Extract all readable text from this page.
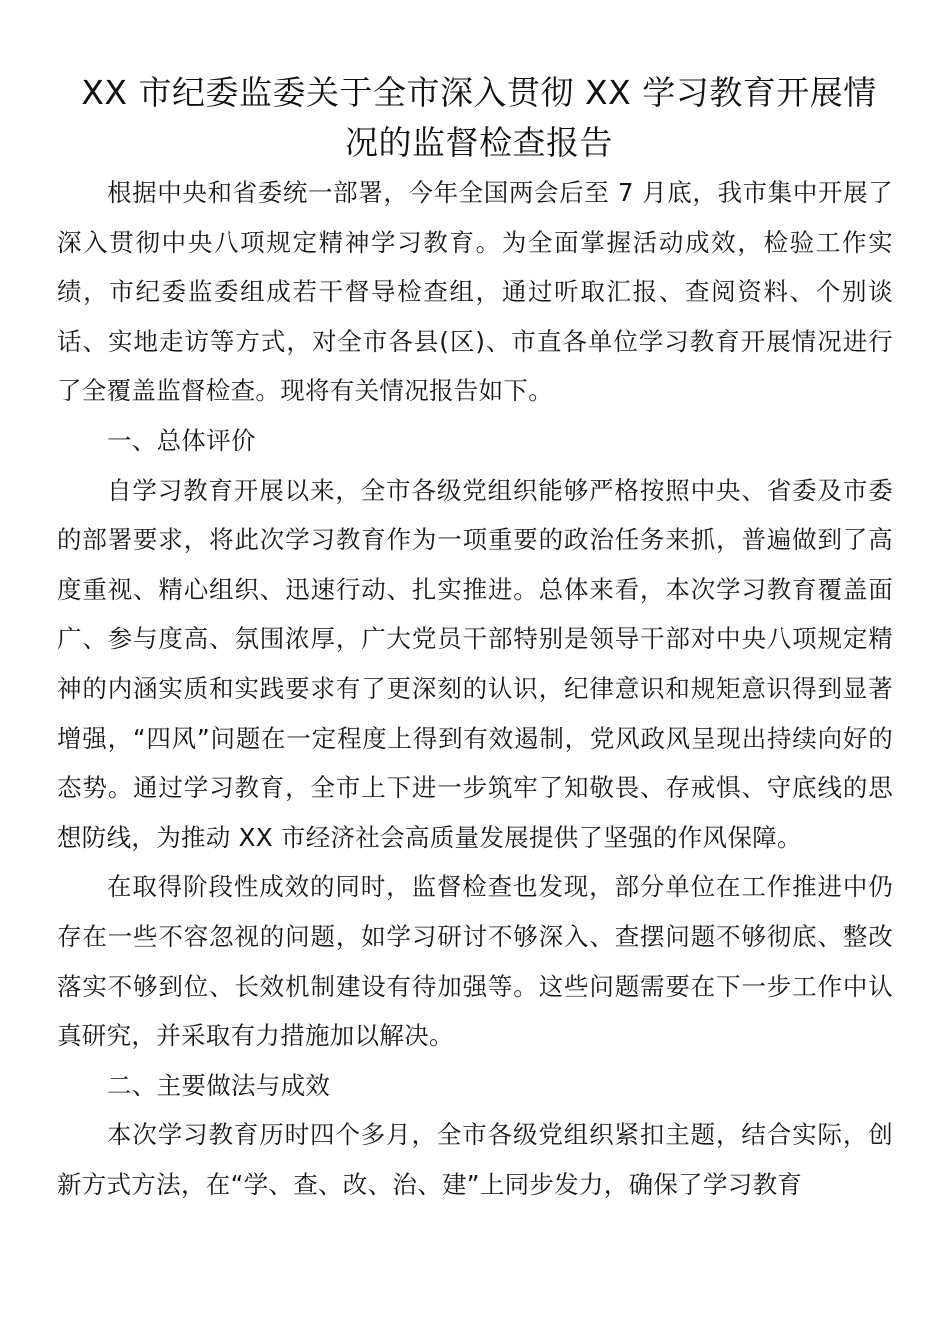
XX 市纪委监委关于全市深入贯彻 XX 学习教育开展情况的监督检查报告

根据中央和省委统一部署，今年全国两会后至 7 月底，我市集中开展了深入贯彻中央八项规定精神学习教育。为全面掌握活动成效，检验工作实绩，市纪委监委组成若干督导检查组，通过听取汇报、查阅资料、个别谈话、实地走访等方式，对全市各县(区)、市直各单位学习教育开展情况进行了全覆盖监督检查。现将有关情况报告如下。

一、总体评价

自学习教育开展以来，全市各级党组织能够严格按照中央、省委及市委的部署要求，将此次学习教育作为一项重要的政治任务来抓，普遍做到了高度重视、精心组织、迅速行动、扎实推进。总体来看，本次学习教育覆盖面广、参与度高、氛围浓厚，广大党员干部特别是领导干部对中央八项规定精神的内涵实质和实践要求有了更深刻的认识，纪律意识和规矩意识得到显著增强，“四风”问题在一定程度上得到有效遏制，党风政风呈现出持续向好的态势。通过学习教育，全市上下进一步筑牢了知敬畏、存戒惧、守底线的思想防线，为推动 XX 市经济社会高质量发展提供了坚强的作风保障。

在取得阶段性成效的同时，监督检查也发现，部分单位在工作推进中仍存在一些不容忽视的问题，如学习研讨不够深入、查摆问题不够彻底、整改落实不够到位、长效机制建设有待加强等。这些问题需要在下一步工作中认真研究，并采取有力措施加以解决。

二、主要做法与成效

本次学习教育历时四个多月，全市各级党组织紧扣主题，结合实际，创新方式方法，在“学、查、改、治、建”上同步发力，确保了学习教育
